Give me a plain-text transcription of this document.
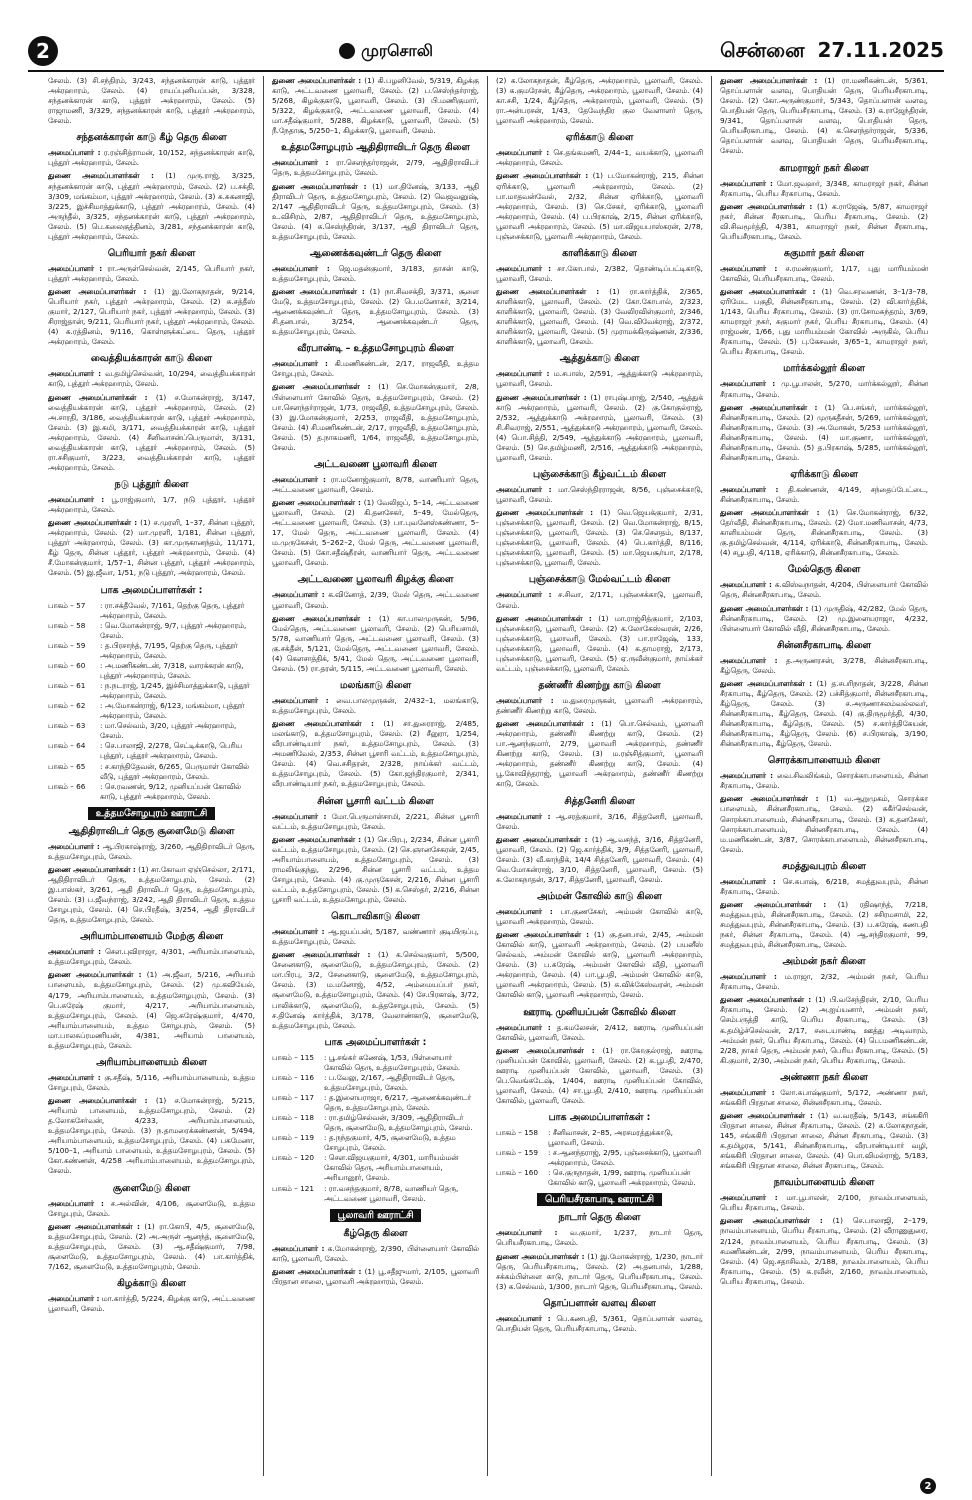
2	முரசொலி	சென்னை 27.11.2025

சேலம். (3) சி.சந்திரம், 3/243, சந்தனக்காரன் காடு, புத்தூர் அக்ரஹாரம், சேலம். (4) ராயப்புனியப்பன், 3/328, சந்தனக்காரன் காடு, புத்தூர் அக்ரஹாரம், சேலம். (5) ராஜாமணி, 3/329, சந்தனக்காரன் காடு, புத்தூர் அக்ரஹாரம், சேலம்.

சந்தனக்காரன் காடு கீழ் தெரு கிளை

அமைப்பாளர் : ர.ரஞ்சித்ராமன், 10/152, சந்தனக்காரன் காடு, புத்தூர் அக்ரஹாரம், சேலம்.

துணை அமைப்பாளர்கள் : (1) முரு.ராஜ், 3/325, சந்தனக்காரன் காடு, புத்தூர் அக்ரஹாரம், சேலம். (2) ப.சக்தி, 3/309, மங்கம்மா, புத்தூர் அக்ரஹாரம், சேலம். (3) சு.சுகனாஜி, 3/225, இச்சிமாத்துக்காடு, புத்தூர் அக்ரஹாரம், சேலம். (4) அருந்தீல், 3/325, சந்தனக்காரன் காடு, புத்தூர் அக்ரஹாரம், சேலம். (5) பெ.கலைகுத்தினம், 3/281, சந்தனக்காரன் காடு, புத்தூர் அக்ரஹாரம், சேலம்.

பெரியார் நகர் கிளை

அமைப்பாளர் : ரா.அருள்செல்வன், 2/145, பெரியார் நகர், புத்தூர் அக்ரஹாரம், சேலம்.

துணை அமைப்பாளர்கள் : (1) இ.லோகநாதன், 9/214, பெரியார் நகர், புத்தூர் அக்ரஹாரம், சேலம். (2) சு.சத்தீஸ் குமார், 2/127, பெரியார் நகர், புத்தூர் அக்ரஹாரம், சேலம். (3) சிராஜ்தான், 9/211, பெரியார் நகர், புத்தூர் அக்ரஹாரம், சேலம். (4) சு.ரத்தினம், 9/116, கொள்ளுக்கட்டை தெரு, புத்தூர் அக்ரஹாரம், சேலம்.

வைத்தியக்காரன் காடு கிளை

அமைப்பாளர் : வ.தமிழ்செல்வன், 10/294, வைத்தியக்காரன் காடு, புத்தூர் அக்ரஹாரம், சேலம்.

துணை அமைப்பாளர்கள் : (1) ச.மோகன்ராஜ், 3/147, வைத்தியக்காரன் காடு, புத்தூர் அக்ரஹாரம், சேலம். (2) அ.சாரதி, 3/186, வைத்தியக்காரன் காடு, புத்தூர் அக்ரஹாரம், சேலம். (3) இ.சுமி, 3/171, வைத்தியக்காரன் காடு, புத்தூர் அக்ரஹாரம், சேலம். (4) சீனிவாசன்ப்பெருமாள், 3/131, வைத்தியக்காரன் காடு, புத்தூர் அக்ரஹாரம், சேலம். (5) ரா.சசிகுமார், 3/223, வைத்தியக்காரன் காடு, புத்தூர் அக்ரஹாரம், சேலம்.

நடு புத்தூர் கிளை

அமைப்பாளர் : பூ.ராஜ்குமார், 1/7, நடு புத்தூர், புத்தூர் அக்ரஹாரம், சேலம்.

துணை அமைப்பாளர்கள் : (1) ச.முரளி, 1–37, சின்ன புத்தூர், அக்ரஹாரம், சேலம். (2) மா.முரளி, 1/181, சின்ன புத்தூர், புத்தூர் அக்ரஹாரம், சேலம். (3) கா.முருகானந்தம், 11/171, கீழ் தெரு, சின்ன புத்தூர், புத்தூர் அக்ரஹாரம், சேலம். (4) சீ.மோகன்குமார், 1/57–1, சின்ன புத்தூர், புத்தூர் அக்ரஹாரம், சேலம். (5) இ.ஜீவா, 1/51, நடு புத்தூர், அக்ரஹாரம், சேலம்.

பாக அமைப்பாளர்கள் :
பாகம் – 57	: ரா.சக்தீவேல், 7/161, தெற்கு தெரு, புத்தூர் அக்ரஹாரம், சேலம்.
பாகம் – 58	: வெ.மோகன்ராஜ், 9/7, புத்தூர் அக்ரஹாரம், சேலம்.
பாகம் – 59	: த.பிரசாந்த், 7/195, தெற்கு தெரு, புத்தூர் அக்ரஹாரம், சேலம்.
பாகம் – 60	: அ.மணிகண்டன், 7/318, வாரக்கரன் காடு, புத்தூர் அக்ரஹாரம், சேலம்.
பாகம் – 61	: ந.நடராஜ், 1/245, இச்சிமாத்துக்காடு, புத்தூர் அக்ரஹாரம், சேலம்.
பாகம் – 62	: அ.மோகன்ராஜ், 6/123, மங்கம்மா, புத்தூர் அக்ரஹாரம், சேலம்.
பாகம் – 63	: மா.செல்வம், 3/20, புத்தூர் அக்ரஹாரம், சேலம்.
பாகம் – 64	: செ.பாலாஜி, 2/278, செட்டிக்காடு, பெரிய புத்தூர், புத்தூர் அக்ரஹாரம், சேலம்.
பாகம் – 65	: ச.காந்திதேவன், 6/265, பெருமாள் கோவில் வீடு, புத்தூர் அக்ரஹாரம், சேலம்.
பாகம் – 66	: செ.ரவணன், 9/12, முனியப்பன் கோவில் காடு, புத்தூர் அக்ரஹாரம், சேலம்.
உத்தமசோழபுரம் ஊராட்சி
ஆதிதிராவிடர் தெரு சூளைமேடு கிளை

அமைப்பாளர் : ஆ.பிரகாஷ்ராஜ், 3/260, ஆதிதிராவிடர் தெரு, உத்தமசோழபுரம், சேலம்.

துணை அமைப்பாளர்கள் : (1) சா.கோவா ஏஞ்செல்லா, 2/171, ஆதிதிராவிடர் தெரு, உத்தமசோழபுரம், சேலம். (2) இ.பாஸ்கர், 3/261, ஆதி திராவிடர் தெரு, உத்தமசோழபுரம், சேலம். (3) ப.ஜீவந்ராஜ், 3/242, ஆதி திராவிடர் தெரு, உத்தம சோழபுரம், சேலம். (4) செ.பிரதீஷ், 3/254, ஆதி திராவிடர் தெரு, உத்தமசோழபுரம், சேலம்.

அரியாம்பாளையம் மேற்கு கிளை

அமைப்பாளர் : சௌ.புவிராஜா, 4/301, அரியாம்பாளையம், உத்தமசோழபுரம், சேலம்.

துணை அமைப்பாளர்கள் : (1) அ.ஜீவா, 5/216, அரியாம் பாளையம், உத்தமசோழபுரம், சேலம். (2) மு.கவியேல், 4/179, அரியாம்பாளையம், உத்தமசோழபுரம், சேலம். (3) பெ.சுரேஷ் குமார், 4/217, அரியாம்பாளையம், உத்தமசோழபுரம், சேலம். (4) ஜெ.சுரேஷ்குமார், 4/470, அரியாம்பாளையம், உத்தம சோழபுரம், சேலம். (5) மா.பாலசுப்ரமணியன், 4/381, அரியாம் பாளையம், உத்தமசோழபுரம், சேலம்.

அரியாம்பாளையம் கிளை

அமைப்பாளர் : கு.சதீஷ், 5/116, அரியாம்பாளையம், உத்தம சோழபுரம், சேலம்.

துணை அமைப்பாளர்கள் : (1) ச.மோகன்ராஜ், 5/215, அரியாம் பாளையம், உத்தமசோழபுரம், சேலம். (2) த.லோகசேர்வன், 4/233, அரியாம்பாளையம், உத்தமசோழபுரம், சேலம். (3) ந.தாமரைக்கண்ணன், 5/494, அரியாம்பாளையம், உத்தமசோழபுரம், சேலம். (4) பசுமேனா, 5/100–1, அரியாம் பாளையம், உத்தமசோழபுரம், சேலம். (5) கோ.கண்ணன், 4/258 அரியாம்பாளையம், உத்தமசோழபுரம், சேலம்.

சூளைமேடு கிளை

அமைப்பாளர் : ச.அல்வின், 4/106, சூளைமேடு, உத்தம சோழபுரம், சேலம்.

துணை அமைப்பாளர்கள் : (1) ரா.கோபி, 4/5, சூளைமேடு, உத்தமசோழபுரம், சேலம். (2) அ.அருள் ஆனந்த், சூளைமேடு, உத்தமசோழபுரம், சேலம். (3) ஆ.சதீஷ்குமார், 7/98, சூளைமேடு, உத்தமசோழபுரம், சேலம். (4) பா.கார்த்திக், 7/162, சூளைமேடு, உத்தமசோழபுரம், சேலம்.

கிழக்காடு கிளை

அமைப்பாளர் : மா.கார்த்தி, 5/224, கிழக்கு காடு, அட்டவணை பூலாவரி, சேலம்.

துணை அமைப்பாளர்கள் : (1) கி.பழனிவேல், 5/319, கிழக்கு காடு, அட்டவணை பூலாவரி, சேலம். (2) ப.செஸ்ந்தர்ராஜ், 5/268, கிழக்குகாடு, பூலாவரி, சேலம். (3) பி.மணிகுமார், 5/322, கிழக்குகாடு, அட்டவணை பூலாவரி, சேலம். (4) மா.சதீஷ்குமார், 5/288, கிழக்காடு, பூலாவரி, சேலம். (5) நீ.நேதாசூ, 5/250–1, கிழக்காடு, பூலாவரி, சேலம்.

உத்தமசோழபுரம் ஆதிதிராவிடர் தெரு கிளை

அமைப்பாளர் : ரா.சௌந்தர்ராஜன், 2/79, ஆதிதிராவிடர் தெரு, உத்தமசோழபுரம், சேலம்.

துணை அமைப்பாளர்கள் : (1) மா.தினேஷ், 3/133, ஆதி திராவிடர் தெரு, உத்தமசோழபுரம், சேலம். (2) வெஜவனுஷ், 2/147 ஆதிதிராவிடர் தெரு, உத்தமசோழபுரம், சேலம். (3) உ.விசிரம், 2/87, ஆதிதிராவிடர் தெரு, உத்தமசோழபுரம், சேலம். (4) சு.செஸ்ந்திரன், 3/137, ஆதி திராவிடர் தெரு, உத்தமசோழபுரம், சேலம்.

ஆணைக்கவுண்டர் தெரு கிளை

அமைப்பாளர் : ஜெ.மதன்குமார், 3/183, தாசன் காடு, உத்தமசோழபுரம், சேலம்.

துணை அமைப்பாளர்கள் : (1) நா.சிவசக்தி, 3/371, சூளை மேடு, உத்தமசோழபுரம், சேலம். (2) பெ.மனோகர், 3/214, ஆணைக்கவுண்டர் தெரு, உத்தமசோழபுரம், சேலம். (3) சி.தனபால், 3/254, ஆணைக்கவுண்டர் தெரு, உத்தமசோழபுரம், சேலம்.

வீரபாண்டி – உத்தமசோழபுரம் கிளை

அமைப்பாளர் : கி.மணிகண்டன், 2/17, ராஜவீதி, உத்தம சோழபுரம், சேலம்.

துணை அமைப்பாளர்கள் : (1) செ.மோகன்குமார், 2/8, பிள்ளையார் கோவில் தெரு, உத்தமசோழபுரம், சேலம். (2) பா.சௌந்தர்ராஜன், 1/73, ராஜவீதி, உத்தமசோழபுரம், சேலம். (3) இ.மோகன்குமார், 2/253, ராஜவீதி, உத்தமசோழபுரம், சேலம். (4) சி.மணிகண்டன், 2/17, ராஜவீதி, உத்தமசோழபுரம், சேலம். (5) த.நாகமணி, 1/64, ராஜவீதி, உத்தமசோழபுரம், சேலம்.

அட்டவணை பூலாவரி கிளை

அமைப்பாளர் : ரா.மனோஜ்குமார், 8/78, வாணியார் தெரு, அட்டவணை பூலாவரி, சேலம்.

துணை அமைப்பாளர்கள் : (1) வேலிஜப், 5–14, அட்டவணை பூலாவரி, சேலம். (2) கி.தனசேகர், 5–49, மேல்தெரு, அட்டவணை பூலாவரி, சேலம். (3) பா.புவனேஸ்கண்ணா, 5–17, மேல் தெரு, அட்டவணை பூலாவரி, சேலம். (4) ம.முருகேசன், 5–262–2, மேல் தெரு, அட்டவணை பூலாவரி, சேலம். (5) கோ.சதீஷ்நீரன், வாணியார் தெரு, அட்டவணை பூலாவரி, சேலம்.

அட்டவணை பூலாவரி கிழக்கு கிளை

அமைப்பாளர் : க.வினோத், 2/39, மேல் தெரு, அட்டவணை பூலாவரி, சேலம்.

துணை அமைப்பாளர்கள் : (1) கா.பாலமுருகன், 5/96, மேல்தெரு, அட்டவணை பூலாவரி, சேலம். (2) பெரியசாமி, 5/78, வாணியார் தெரு, அட்டவணை பூலாவரி, சேலம். (3) கு.சக்தீன், 5/121, மேல்தெரு, அட்டவணை பூலாவரி, சேலம். (4) கௌசாத்திக், 5/41, மேல் தெரு, அட்டவணை பூலாவரி, சேலம். (5) ரா.தரன், 5/115, அட்டவணை பூலாவரி, சேலம்.

மலங்காடு கிளை

அமைப்பாளர் : வை.பாலமுருகன், 2/432–1, மலங்காடு, உத்தமசோழபுரம், சேலம்.

துணை அமைப்பாளர்கள் : (1) சா.துரைராஜ், 2/485, மலங்காடு, உத்தமசோழபுரம், சேலம். (2) சீனுரா, 1/254, வீரபாண்டியார் நகர், உத்தமசோழபுரம், சேலம். (3) அமணிவேல், 2/353, சின்ன பூசாரி வட்டம், உத்தமசோழபுரம், சேலம். (4) வெ.சசிதரன், 2/328, நாய்க்கர் வட்டம், உத்தமசோழபுரம், சேலம். (5) கோ.ஜந்திரகுமார், 2/341, வீரபாண்டியார் நகர், உத்தமசோழபுரம், சேலம்.

சின்ன பூசாரி வட்டம் கிளை

அமைப்பாளர் : மோ.பெருமாள்சாமி, 2/221, சின்ன பூசாரி வட்டம், உத்தமசோழபுரம், சேலம்.

துணை அமைப்பாளர்கள் : (1) செ.பிரபு, 2/234, சின்ன பூசாரி வட்டம், உத்தமசோழபுரம், சேலம். (2) செ.ஞானசேகரன், 2/45, அரியாம்பாளையம், உத்தமசோழபுரம், சேலம். (3) ராமலிங்குந்து, 2/296, சின்ன பூசாரி வட்டம், உத்தம சோழபுரம், சேலம். (4) கு.முருகேசன், 2/216, சின்ன பூசாரி வட்டம், உத்தசோழபுரம், சேலம். (5) க.செஸ்தர், 2/216, சின்ன பூசாரி வட்டம், உத்தமசோழபுரம், சேலம்.

கொடாவிகாடு கிளை

அமைப்பாளர் : ஆ.ஜயப்பன், 5/187, வண்ணார் குடியிருப்பு, உத்தமசோழபுரம், சேலம்.

துணை அமைப்பாளர்கள் : (1) க.செல்வகுமார், 5/500, சேனைகாடு, சூளைமேடு, உத்தமசோழபுரம், சேலம். (2) மா.பிரபு, 3/2, சேனைகாடு, சூளைமேடு, உத்தமசோழபுரம், சேலம். (3) ம.மனோஜ், 4/52, அம்மையப்பர் நகர், சூளைமேடு, உத்தமசோழபுரம், சேலம். (4) சே.பிரகாஷ், 3/72, பாலிக்காடு, சூளைமேடு, உத்தசோழபுரம், சேலம். (5) ச.தினேஷ் கார்த்திக், 3/178, வேலாண்காடு, சூளைமேடு, உத்தமசோழபுரம், சேலம்.

பாக அமைப்பாளர்கள் :
பாகம் – 115	: பூ.சங்கர் கணேஷ், 1/53, பிள்ளையார் கோவில் தெரு, உத்தமசோழபுரம், சேலம்.
பாகம் – 116	: ப.வேலு, 2/167, ஆதிதிராவிடர் தெரு, உத்தமசோழபுரம், சேலம்.
பாகம் – 117	: த.இளையராஜா, 6/217, ஆணைக்கவுண்டர் தெரு, உத்தமசோழபுரம், சேலம்.
பாகம் – 118	: ரா.தமிழ்செல்வன், 3/309, ஆதிதிராவிடர் தெரு, சூளைமேடு, உத்தமசோழபுரம், சேலம்.
பாகம் – 119	: த.நந்தகுமார், 4/5, சூளைமேடு, உத்தம சோழபுரம், சேலம்.
பாகம் – 120	: சௌ.விஜயகுமார், 4/301, மாரியம்மன் கோவில் தெரு, அரியாம்பாளையம், அரியானூர், சேலம்.
பாகம் – 121	: ரா.வசந்தகுமார், 8/78, வாணியர் தெரு, அட்டவணை பூலாவரி, சேலம்.
பூலாவரி ஊராட்சி
கீழ்தெரு கிளை

அமைப்பாளர் : க.மோகன்ராஜ், 2/390, பிள்ளையார் கோவில் காடு, பூலாவரி, சேலம்.

துணை அமைப்பாளர்கள் : (1) பூ.சதீஜுமார், 2/105, பூலாவரி பிரதான சாலை, பூலாவரி அக்ரஹாரம், சேலம்.

(2) க.லோகநாதன், கீழ்தெரு, அக்ரஹாரம், பூலாவரி, சேலம். (3) க.குமரேசன், கீழ்தெரு, அக்ரஹாரம், பூலாவரி, சேலம். (4) கா.சசி, 1/24, கீழ்தெரு, அக்ரஹாரம், பூலாவரி, சேலம். (5) ரா.அன்பரசன், 1/43, தேவேந்திர குல வேளாளர் தெரு, பூலாவரி அக்ரஹாரம், சேலம்.

ஏரிக்காடு கிளை

அமைப்பாளர் : செ.தங்கமணி, 2/44–1, வயக்காடு, பூலாவரி அக்ரஹாரம், சேலம்.

துணை அமைப்பாளர்கள் : (1) ப.மோகன்ராஜ், 215, சின்ன ஏரிக்காடு, பூலாவரி அக்ரஹாரம், சேலம். (2) பா.மாதவன்வேல், 2/32, சின்ன ஏரிக்காடு, பூலாவரி அக்ரஹாரம், சேலம். (3) செ.சேகர், ஏரிக்காடு, பூலாவரி அக்ரஹாரம், சேலம். (4) ப.பிரகாஷ், 2/15, சின்ன ஏரிக்காடு, பூலாவரி அக்ரஹாரம், சேலம். (5) மா.விஜயபாஸ்கரன், 2/78, புஞ்சைக்காடு, பூலாவரி அக்ரஹாரம், சேலம்.

காளிக்காடு கிளை

அமைப்பாளர் : சா.கோபால், 2/382, தொண்டிப்பட்டிகாடு, பூலாவரி, சேலம்.

துணை அமைப்பாளர்கள் : (1) ரா.கார்த்திக், 2/365, காளிக்காடு, பூலாவரி, சேலம். (2) கோ.கோபால், 2/323, காளிக்காடு, பூலாவரி, சேலம். (3) வேலிரவிள்குமார், 2/346, காளிக்காடு, பூலாவரி, சேலம். (4) வெ.விவேக்ராஜ், 2/372, காளிக்காடு, பூலாவரி, சேலம். (5) முராமக்கிருஷ்ணன், 2/336, காளிக்காடு, பூலாவரி, சேலம்.

ஆத்துக்காடு கிளை

அமைப்பாளர் : ம.சபாஸ், 2/591, ஆத்துக்காடு அக்ரஹாரம், பூலாவரி, சேலம்.

துணை அமைப்பாளர்கள் : (1) ராபுஷ்பராஜ், 2/540, ஆத்துக் காடு அக்ரஹாரம், பூலாவரி, சேலம். (2) கு.கோகுல்ராஜ், 2/532, ஆத்துக்காடு அக்ரஹாரம், பூலாவரி, சேலம். (3) சி.சிவராஜ், 2/551, ஆத்துக்காடு அக்ரஹாரம், பூலாவரி, சேலம். (4) பொ.சித்தி, 2/549, ஆத்துக்காடு அக்ரஹாரம், பூலாவரி, சேலம். (5) செ.தமிழ்மணி, 2/516, ஆத்துக்காடு அக்ரஹாரம், பூலாவரி, சேலம்.

புஞ்சைக்காடு கீழ்வட்டம் கிளை

அமைப்பாளர் : மா.செஸ்ந்திரராஜன், 8/56, புஞ்சைக்காடு, பூலாவரி, சேலம்.

துணை அமைப்பாளர்கள் : (1) வெ.ஜெயக்குமார், 2/31, புஞ்சைக்காடு, பூலாவரி, சேலம். (2) வெ.மோகன்ராஜ், 8/15, புஞ்சைக்காடு, பூலாவரி, சேலம். (3) செ.சௌதம், 8/137, புஞ்சைக்காடு, பூலாவரி, சேலம். (4) பெ.கார்த்தி, 8/116, புஞ்சைக்காடு, பூலாவரி, சேலம். (5) மா.ஜெயசூர்யா, 2/178, புஞ்சைக்காடு, பூலாவரி, சேலம்.

புஞ்சைக்காடு மேல்வட்டம் கிளை

அமைப்பாளர் : ச.சிவா, 2/171, புஞ்சைக்காடு, பூலாவரி, சேலம்.

துணை அமைப்பாளர்கள் : (1) மா.ராஜ்சித்குமார், 2/103, புஞ்சைக்காடு, பூலாவரி, சேலம். (2) க.லோகேஸ்வரன், 2/26, புஞ்சைக்காடு, பூலாவரி, சேலம். (3) பா.ராஜேஷ், 133, புஞ்சைக்காடு, பூலாவரி, சேலம். (4) க.தாமராஜ், 2/173, புஞ்சைக்காடு, பூலாவரி, சேலம். (5) ஏ.ருவீன்குமார், நாய்க்கர் வட்டம், புஞ்சைக்காடு, பூலாவரி, சேலம்.

தண்ணீர் கிணற்று காடு கிளை

அமைப்பாளர் : ம.துரைமுருகன், பூலாவரி அக்ரஹாரம், தண்ணீர் கிணற்று காடு, சேலம்.

துணை அமைப்பாளர்கள் : (1) பொ.செல்வம், பூலாவரி அக்ரஹாரம், தண்ணீர் கிணற்று காடு, சேலம். (2) பா.ஆனந்குமார், 2/79, பூலாவரி அக்ரஹாரம், தண்ணீர் கிணற்று காடு, சேலம். (3) ம.ரஞ்சித்குமார், பூலாவரி அக்ரஹாரம், தண்ணீர் கிணற்று காடு, சேலம். (4) பூ.கோவிந்தராஜ், பூலாவரி அக்ரஹாரம், தண்ணீர் கிணற்று காடு, சேலம்.

சித்தனேரி கிளை

அமைப்பாளர் : ஆ.சரத்குமார், 3/16, சித்தனேரி, பூலாவரி, சேலம்.

துணை அமைப்பாளர்கள் : (1) ஆ.வசந்த், 3/16, சித்தனேரி, பூலாவரி, சேலம். (2) ஜெ.கார்த்திக், 3/9, சித்தனேரி, பூலாவரி, சேலம். (3) வீ.காந்திக், 14/4 சித்தனேரி, பூலாவரி, சேலம். (4) வெ.மோகன்ராஜ், 3/10, சித்தனேரி, பூலாவரி, சேலம். (5) சு.லோகநாதன், 3/17, சித்தனேரி, பூலாவரி, சேலம்.

அம்மன் கோவில் காடு கிளை

அமைப்பாளர் : பா.குணசேகர், அம்மன் கோவில் காடு, பூலாவரி அக்ரஹாரம், சேலம்.

துணை அமைப்பாளர்கள் : (1) கு.தனபால், 2/45, அம்மன் கோவில் காடு, பூலாவரி அக்ரஹாரம், சேலம். (2) பயனீஸ் செல்வம், அம்மன் கோவில் காடு, பூலாவரி அக்ரஹாரம், சேலம். (3) ப.சுரேஷ், அம்மன் கோவில் வீதி, பூலாவரி அக்ரஹாரம், சேலம். (4) பா.பூபதி, அம்மன் கோவில் காடு, பூலாவரி அக்ரஹாரம், சேலம். (5) சு.விக்கேஸ்வரன், அம்மன் கோவில் காடு, பூலாவரி அக்ரஹாரம், சேலம்.

ஊராடி முனியப்பன் கோவில் கிளை

அமைப்பாளர் : த.கமலேசன், 2/412, ஊராடி முனியப்பன் கோவில், பூலாவரி, சேலம்.

துணை அமைப்பாளர்கள் : (1) ரா.கோகுல்ராஜ், ஊராடி முனியப்பன் கோவில், பூலாவரி, சேலம். (2) க.பூபதி, 2/470, ஊராடி முனியப்பன் கோவில், பூலாவரி, சேலம். (3) பெ.வெங்கடேஷ், 1/404, ஊராடி முனியப்பன் கோவில், பூலாவரி, சேலம். (4) சா.பூபதி, 2/410, ஊராடி முனியப்பன் கோவில், பூலாவரி, சேலம்.

பாக அமைப்பாளர்கள் :
பாகம் – 158	: சீனிவாசன், 2–85, அரசமரத்துக்காடு, பூலாவரி, சேலம்.
பாகம் – 159	: ச.ஆனந்தராஜ், 2/95, புஞ்சைக்காடு, பூலாவரி அக்ரஹாரம், சேலம்.
பாகம் – 160	: செ.குருநாதன், 1/99, ஊராடி முனியப்பன் கோவில் காடு, பூலாவரி அக்ரஹாரம், சேலம்.
பெரியசீரகாபாடி ஊராட்சி
நாடார் தெரு கிளை

அமைப்பாளர் : வ.குமார், 1/237, நாடார் தெரு, பெரியசீரகாபாடி, சேலம்.

துணை அமைப்பாளர்கள் : (1) இ.மோகன்ராஜ், 1/230, நாடார் தெரு, பெரியசீரகாபாடி, சேலம். (2) அ.தனபால், 1/288, சக்கம்பிள்ளை காடு, நாடார் தெரு, பெரியசீரகாபாடி, சேலம். (3) க.செல்வம், 1/300, நாடார் தெரு, பெரியசீரகாபாடி, சேலம்.

தொப்பளான் வளவு கிளை

அமைப்பாளர் : பெ.கணபதி, 5/361, தொப்பளான் வளவு, பொதியன் தெரு, பெரியசீரகாபாடி, சேலம்.

துணை அமைப்பாளர்கள் : (1) ரா.மணிகண்டன், 5/361, தொப்பளான் வளவு, பொதியன் தெரு, பெரியசீரகாபாடி, சேலம். (2) கோ.அருண்குமார், 5/343, தொப்பளான் வளவு, பொதியன் தெரு, பெரியசீரகாபாடி, சேலம். (3) க.ராஜேந்திரன், 9/341, தொப்பளான் வளவு, பொதியன் தெரு, பெரியசீரகாபாடி, சேலம். (4) க.சௌந்தர்ராஜன், 5/336, தொப்பளான் வளவு, பொதியன் தெரு, பெரியசீரகாபாடி, சேலம்.

காமராஜர் நகர் கிளை

அமைப்பாளர் : மோ.ஜவஹர், 3/348, காமராஜர் நகர், சின்ன சீரகாபாடி, பெரிய சீரகாபாடி, சேலம்.

துணை அமைப்பாளர்கள் : (1) க.ராஜேஷ், 5/87, காமராஜர் நகர், சின்ன சீரகாபாடி, பெரிய சீரகாபாடி, சேலம். (2) வி.சிவமூர்த்தி, 4/381, காமராஜர் நகர், சின்ன சீரகாபாடி, பெரியசீரகாபாடி, சேலம்.

சுகுமார் நகர் கிளை

அமைப்பாளர் : ச.ரமண்குமார், 1/17, புது மாரியம்மன் கோவில், பெரியசீரகாபாடி, சேலம்.

துணை அமைப்பாளர்கள் : (1) வெ.சரவணன், 3–1/3–78, ஏரிமேட பகுதி, சின்னசீரகாபாடி, சேலம். (2) வி.காா்த்திக், 1/143, பெரிய சீரகாபாடி, சேலம். (3) ரா.சோமசுந்தரம், 3/69, காமராஜர் நகர், சுகுமார் நகர், பெரிய சீரகாபாடி, சேலம். (4) ராஜ்மண், 1/66, புது மாரியம்மன் கோவில் அருகில், பெரிய சீரகாபாடி, சேலம். (5) பு.கேசவன், 3/65–1, காமராஜர் நகர், பெரிய சீரகாபாடி, சேலம்.

மார்க்கல்லூர் கிளை

அமைப்பாளர் : மு.பூபாலன், 5/270, மார்க்கல்லூர், சின்ன சீரகாபாடி, சேலம்.

துணை அமைப்பாளர்கள் : (1) பெ.சங்கர், மார்க்கல்லூர், சின்னசீரகாபாடி, சேலம். (2) முருகதீசன், 5/269, மார்க்கல்லூர், சின்னசீரகாபாடி, சேலம். (3) அ.மோகன், 5/253 மார்க்கல்லூர், சின்னசீரகாபாடி, சேலம். (4) மா.குணா, மார்க்கல்லூர், சின்னசீரகாபாடி, சேலம். (5) த.பிரகாஷ், 5/285, மார்க்கல்லூர், சின்னசீரகாபாடி, சேலம்.

ஏரிக்காடு கிளை

அமைப்பாளர் : தி.கண்ணன், 4/149, சந்தைப்பேட்டை, சின்னசீரகாபாடி, சேலம்.

துணை அமைப்பாளர்கள் : (1) செ.மோகன்ராஜ், 6/32, தேர்வீதி, சின்னசீரகாபாடி, சேலம். (2) மோ.மணிவாசன், 4/73, காளியம்மன் தெரு, சின்னசீரகாபாடி, சேலம். (3) கு.தமிழ்செல்வன், 4/114, ஏரிக்காடு, சின்னசீரகாபாடி, சேலம். (4) சபூபதி, 4/118, ஏரிக்காடு, சின்னசீரகாபாடி, சேலம்.

மேல்தெரு கிளை

அமைப்பாளர் : க.விஸ்வநாதன், 4/204, பிள்ளையார் கோவில் தெரு, சின்னசீரகாபாடி, சேலம்.

துணை அமைப்பாளர்கள் : (1) முருதிஷ், 42/282, மேல் தெரு, சின்னசீரகாபாடி, சேலம். (2) மு.இளையராஜா, 4/232, பிள்ளையார் கோவில் வீதி, சின்னசீரகாபாடி, சேலம்.

சின்னசீரகாபாடி கிளை

அமைப்பாளர் : த.அருணரசன், 3/278, சின்னசீரகாபாடி, கீழ்தெரு, சேலம்.

துணை அமைப்பாளர்கள் : (1) த.சபரிநாதன், 3/228, சின்ன சீரகாபாடி, கீழ்தெரு, சேலம். (2) பச்சித்குமார், சின்னசீரகாபாடி, கீழ்தெரு, சேலம். (3) ச.அருணாசலம்வல்லவர், சின்னசீரகாபாடி, கீழ்தெரு, சேலம். (4) கு.திருமூர்த்தி, 4/30, சின்னசீரகாபாடி, கீழ்தெரு, சேலம். (5) ச.கார்த்திகேயன், சின்னசீரகாபாடி, கீழ்தெரு, சேலம். (6) ச.பிரகாஷ், 3/190, சின்னசீரகாபாடி, கீழ்தெரு, சேலம்.

சொரக்காபாளையம் கிளை

அமைப்பாளர் : வை.சிவலிங்கம், சொரக்காபாளையம், சின்ன சீரகாபாடி, சேலம்.

துணை அமைப்பாளர்கள் : (1) வ.ஆறுமுகம், சொரக்கா பாளையம், சின்னசீரகாபாடி, சேலம். (2) சுகீர்செல்வன், சொரக்காபாளையம், சின்னசீரகாபாடி, சேலம். (3) க.தனசேகர், சொரக்காபாளையம், சின்னசீரகாபாடி, சேலம். (4) ம.மணிகண்டன், 3/87, சொரக்காபாளையம், சின்னசீரகாபாடி, சேலம்.

சமத்துவபுரம் கிளை

அமைப்பாளர் : செ.சுபாஷ், 6/218, சமத்துவபுரம், சின்ன சீரகாபாடி, சேலம்.

துணை அமைப்பாளர்கள் : (1) ரதிஷாந்த், 7/218, சமத்துவபுரம், சின்னசீரகாபாடி, சேலம். (2) சசிரமசாமி, 22, சமத்துவபுரம், சின்னசீரகாபாடி, சேலம். (3) ப.சுரேஷ், கணபதி நகர், சின்ன சீரகாபாடி, சேலம். (4) ஆ.சந்திரகுமார், 99, சமத்துவபுரம், சின்னசீரகாபாடி, சேலம்.

அம்மன் நகர் கிளை

அமைப்பாளர் : ம.ராஜா, 2/32, அம்மன் நகர், பெரிய சீரகாபாடி, சேலம்.

துணை அமைப்பாளர்கள் : (1) பி.வசேந்திரன், 2/10, பெரிய சீரகாபாடி, சேலம். (2) அ.ஐய்யனார், அம்மன் நகர், செம்பருத்தி காடு, பெரிய சீரகாபாடி, சேலம். (3) க.தமிழ்ச்செல்வன், 2/17, சடையாண்டி ஊத்து அடிவாரம், அம்மன் நகர், பெரிய சீரகாபாடி, சேலம். (4) பெ.மணிகண்டன், 2/28, நாகர் தெரு, அம்மன் நகர், பெரிய சீரகாபாடி, சேலம். (5) கி.குமார், 2/30, அம்மன் நகர், பெரிய சீரகாபாடி, சேலம்.

அண்ணா நகர் கிளை

அமைப்பாளர் : லோ.சுபாஷ்குமார், 5/172, அண்ணா நகர், சங்ககிரி பிரதான சாலை, சின்னசீரகாபாடி, சேலம்.

துணை அமைப்பாளர்கள் : (1) வ.வரதீஷ், 5/143, சங்ககிரி பிரதான சாலை, சின்ன சீரகாபாடி, சேலம். (2) க.லோகநாதன், 145, சங்ககிரி பிரதான சாலை, சின்ன சீரகாபாடி, சேலம். (3) க.தமிழரசு, 5/141, சின்னசீரகாபாடி, வீரபாண்டியார் வழி, சங்ககிரி பிரதான சாலை, சேலம். (4) பொ.விமல்ராஜ், 5/183, சங்ககிரி பிரதான சாலை, சின்ன சீரகாபாடி, சேலம்.

நாவம்பாளையம் கிளை

அமைப்பாளர் : மா.பூபாலன், 2/100, நாவம்பாளையம், பெரிய சீரகாபாடி, சேலம்.

துணை அமைப்பாளர்கள் : (1) செ.பாலாஜி, 2–179, நாவம்பாளையம், பெரிய சீரகாபாடி, சேலம். (2) வீராணுதுரை, 2/124, நாவம்பாளையம், பெரிய சீரகாபாடி, சேலம். (3) சமணிகண்டன், 2/99, நாவம்பாளையம், பெரிய சீரகாபாடி, சேலம். (4) ஜெ.சதாசிவம், 2/188, நாவம்பாளையம், பெரிய சீரகாபாடி, சேலம். (5) க.ரவீன், 2/160, நாவம்பாளையம், பெரிய சீரகாபாடி, சேலம்.

2
